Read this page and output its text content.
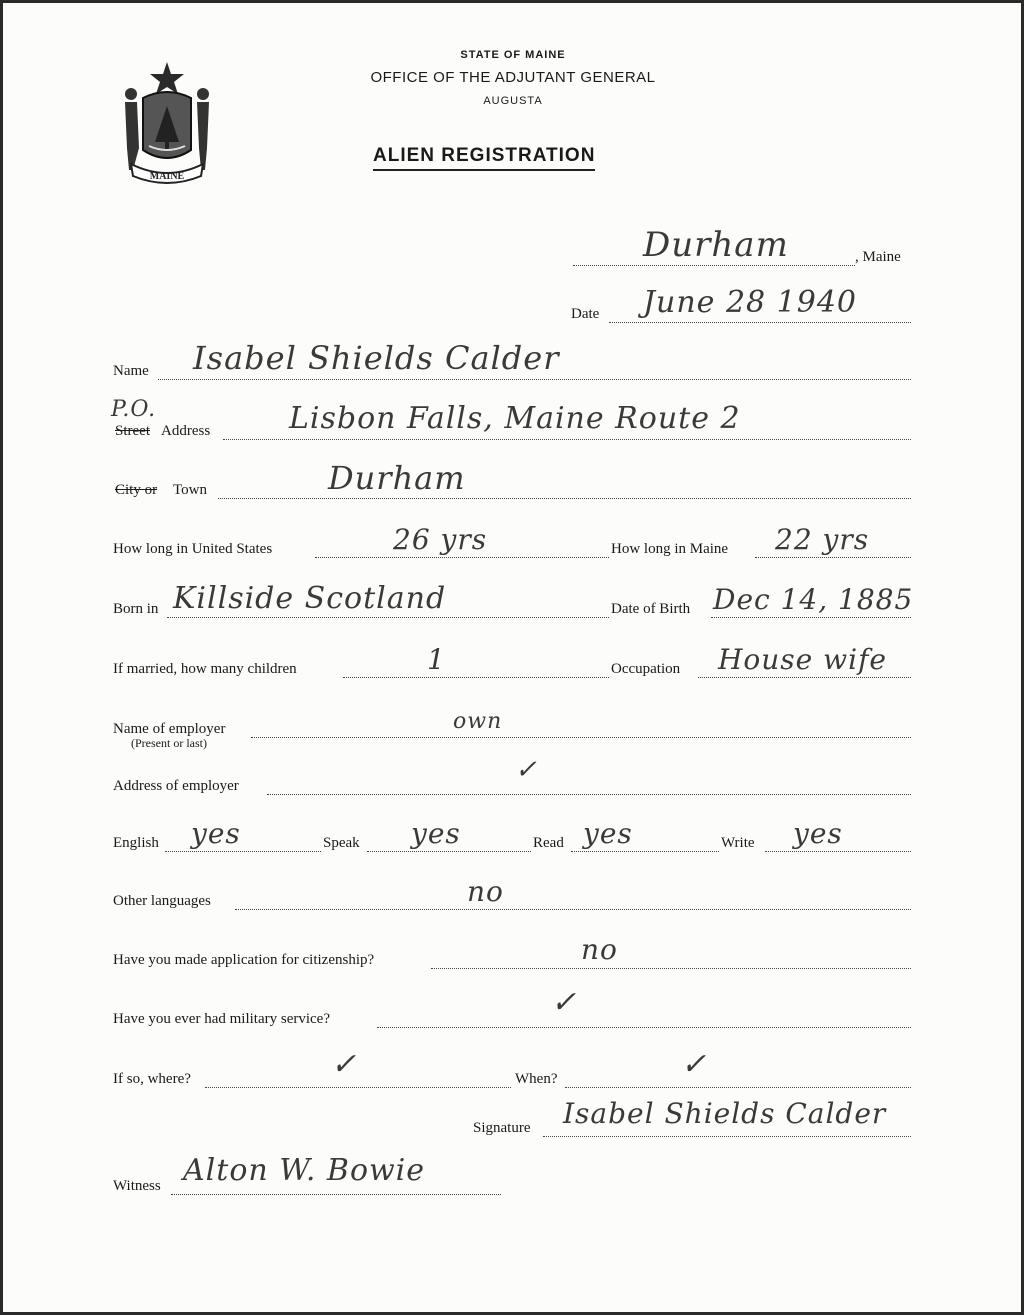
MAINE
STATE OF MAINE
OFFICE OF THE ADJUTANT GENERAL
AUGUSTA
ALIEN REGISTRATION
Durham	, Maine
Date June 28 1940
Name Isabel Shields Calder
P.O.
Street Address	Lisbon Falls, Maine Route 2
City or Town	Durham
How long in United States	26 yrs	How long in Maine 22 yrs
Born in Killside Scotland	Date of Birth Dec 14, 1885
If married, how many children	1	Occupation House wife
Name of employer
(Present or last)
own
Address of employer
✓
English yes	Speak yes	Read yes	Write yes
Other languages	no
Have you made application for citizenship?	no
Have you ever had military service?	✓
If so, where?	✓	When?	✓
Signature Isabel Shields Calder
Witness Alton W. Bowie
